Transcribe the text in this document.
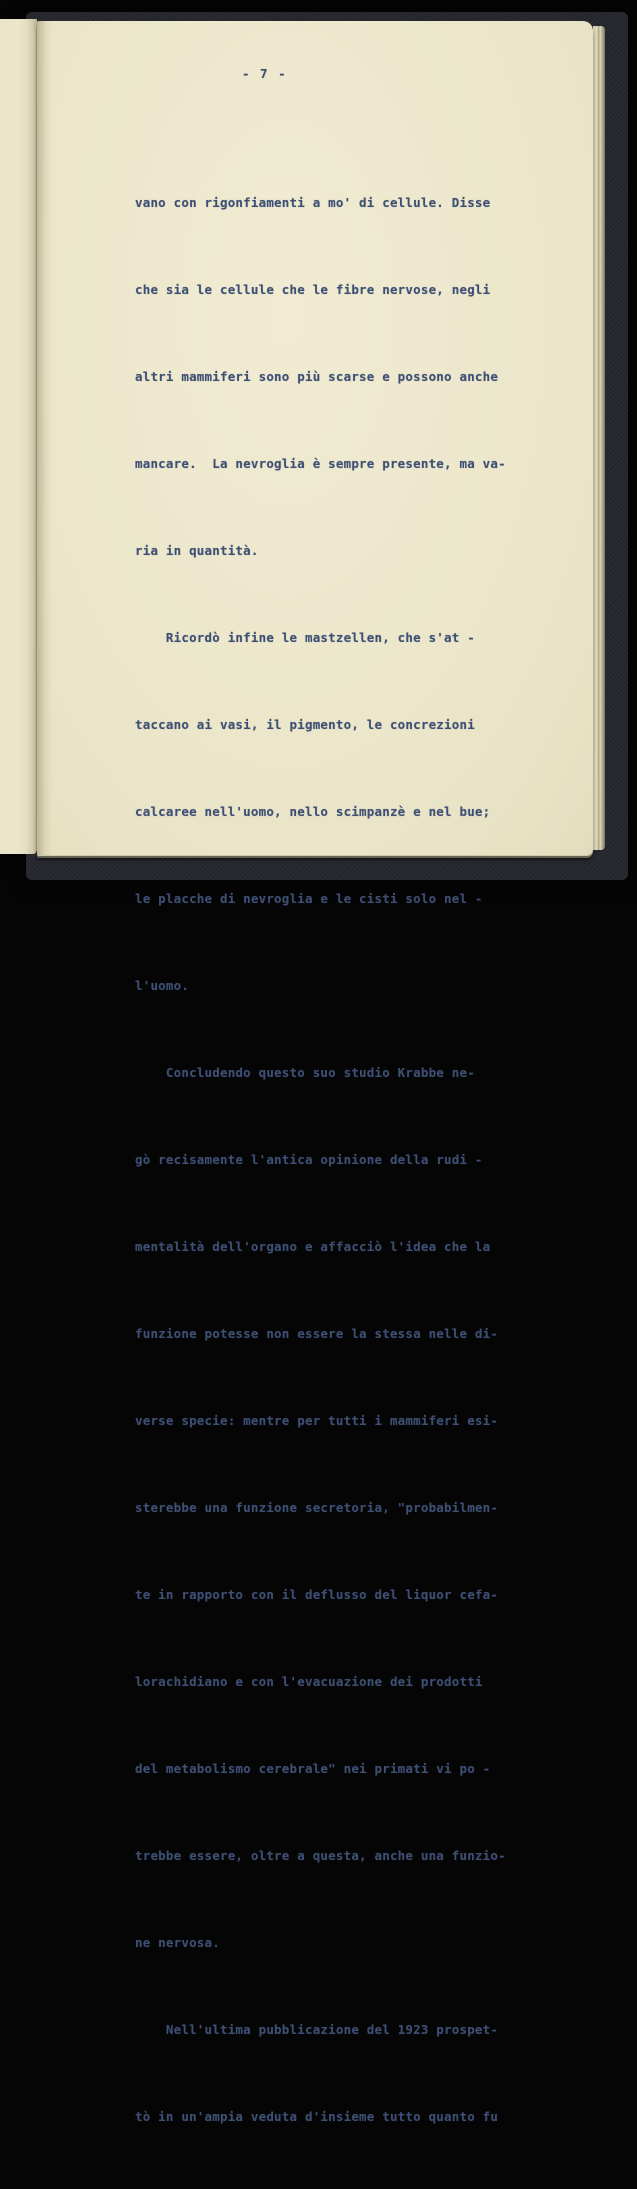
- 7 -

vano con rigonfiamenti a mo' di cellule. Disse

che sia le cellule che le fibre nervose, negli

altri mammiferi sono più scarse e possono anche

mancare.  La nevroglia è sempre presente, ma va-

ria in quantità.

Ricordò infine le mastzellen, che s'at -

taccano ai vasi, il pigmento, le concrezioni

calcaree nell'uomo, nello scimpanzè e nel bue;

le placche di nevroglia e le cisti solo nel -

l'uomo.

Concludendo questo suo studio Krabbe ne-

gò recisamente l'antica opinione della rudi -

mentalità dell'organo e affacciò l'idea che la

funzione potesse non essere la stessa nelle di-

verse specie: mentre per tutti i mammiferi esi-

sterebbe una funzione secretoria, "probabilmen-

te in rapporto con il deflusso del liquor cefa-

lorachidiano e con l'evacuazione dei prodotti

del metabolismo cerebrale" nei primati vi po -

trebbe essere, oltre a questa, anche una funzio-

ne nervosa.

Nell'ultima pubblicazione del 1923 prospet-

tò in un'ampia veduta d'insieme tutto quanto fu
